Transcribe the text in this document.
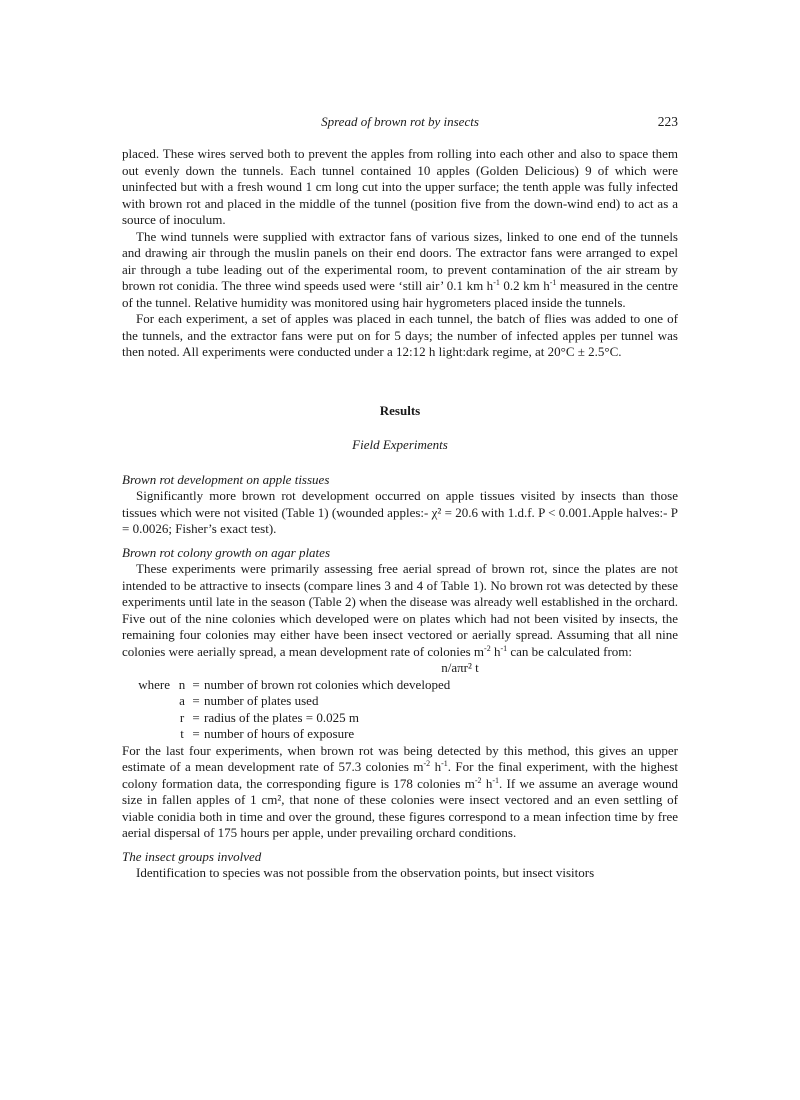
Spread of brown rot by insects	223

placed. These wires served both to prevent the apples from rolling into each other and also to space them out evenly down the tunnels. Each tunnel contained 10 apples (Golden Delicious) 9 of which were uninfected but with a fresh wound 1 cm long cut into the upper surface; the tenth apple was fully infected with brown rot and placed in the middle of the tunnel (position five from the down-wind end) to act as a source of inoculum.

The wind tunnels were supplied with extractor fans of various sizes, linked to one end of the tunnels and drawing air through the muslin panels on their end doors. The extractor fans were arranged to expel air through a tube leading out of the experimental room, to prevent contamination of the air stream by brown rot conidia. The three wind speeds used were ‘still air’ 0.1 km $h^{-1}$ 0.2 km $h^{-1}$ measured in the centre of the tunnel. Relative humidity was monitored using hair hygrometers placed inside the tunnels.

For each experiment, a set of apples was placed in each tunnel, the batch of flies was added to one of the tunnels, and the extractor fans were put on for 5 days; the number of infected apples per tunnel was then noted. All experiments were conducted under a 12:12 h light:dark regime, at 20°C ± 2.5°C.

Results

Field Experiments

Brown rot development on apple tissues

Significantly more brown rot development occurred on apple tissues visited by insects than those tissues which were not visited (Table 1) (wounded apples:- χ² = 20.6 with 1.d.f. P < 0.001.Apple halves:- P = 0.0026; Fisher’s exact test).

Brown rot colony growth on agar plates

These experiments were primarily assessing free aerial spread of brown rot, since the plates are not intended to be attractive to insects (compare lines 3 and 4 of Table 1). No brown rot was detected by these experiments until late in the season (Table 2) when the disease was already well established in the orchard. Five out of the nine colonies which developed were on plates which had not been visited by insects, the remaining four colonies may either have been insect vectored or aerially spread. Assuming that all nine colonies were aerially spread, a mean development rate of colonies $m^{-2}$ $h^{-1}$ can be calculated from:

n/aπr² t

where n = number of brown rot colonies which developed
a = number of plates used
r = radius of the plates = 0.025 m
t = number of hours of exposure

For the last four experiments, when brown rot was being detected by this method, this gives an upper estimate of a mean development rate of 57.3 colonies $m^{-2}$ $h^{-1}$. For the final experiment, with the highest colony formation data, the corresponding figure is 178 colonies $m^{-2}$ $h^{-1}$. If we assume an average wound size in fallen apples of 1 cm², that none of these colonies were insect vectored and an even settling of viable conidia both in time and over the ground, these figures correspond to a mean infection time by free aerial dispersal of 175 hours per apple, under prevailing orchard conditions.

The insect groups involved

Identification to species was not possible from the observation points, but insect visitors
